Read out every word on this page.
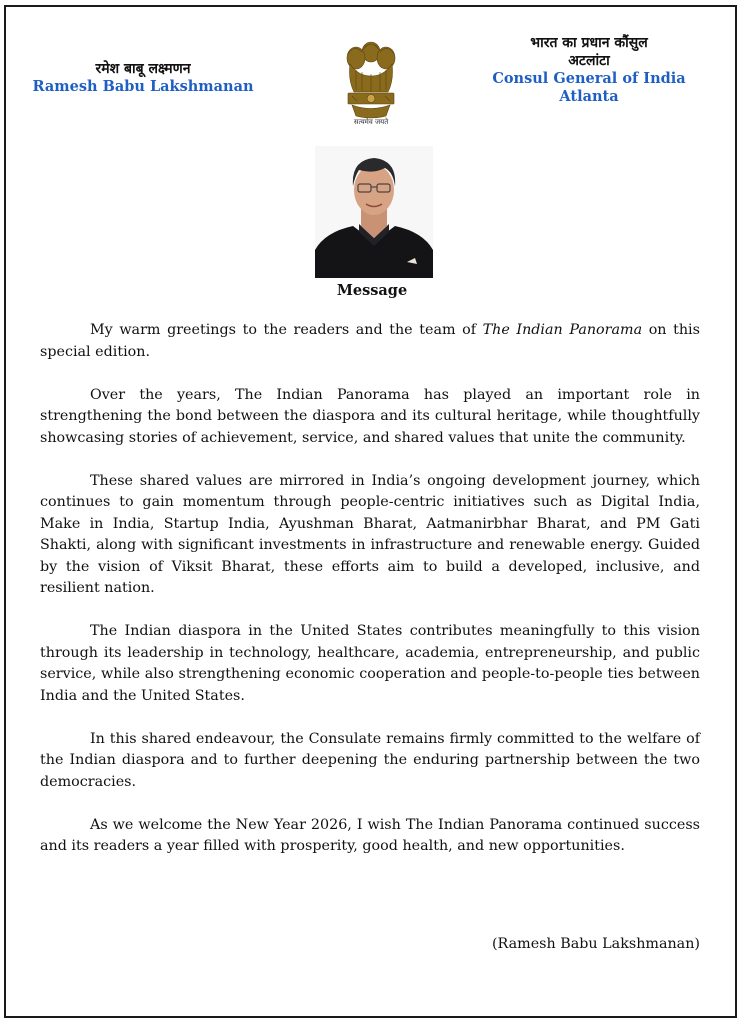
रमेश बाबू लक्ष्मणन
Ramesh Babu Lakshmanan
सत्यमेव जयते
भारत का प्रधान कौंसुल
अटलांटा
Consul General of India
Atlanta
Message

My warm greetings to the readers and the team of The Indian Panorama on this special edition.

Over the years, The Indian Panorama has played an important role in strengthening the bond between the diaspora and its cultural heritage, while thoughtfully showcasing stories of achievement, service, and shared values that unite the community.

These shared values are mirrored in India’s ongoing development journey, which continues to gain momentum through people-centric initiatives such as Digital India, Make in India, Startup India, Ayushman Bharat, Aatmanirbhar Bharat, and PM Gati Shakti, along with significant investments in infrastructure and renewable energy. Guided by the vision of Viksit Bharat, these efforts aim to build a developed, inclusive, and resilient nation.

The Indian diaspora in the United States contributes meaningfully to this vision through its leadership in technology, healthcare, academia, entrepreneurship, and public service, while also strengthening economic cooperation and people-to-people ties between India and the United States.

In this shared endeavour, the Consulate remains firmly committed to the welfare of the Indian diaspora and to further deepening the enduring partnership between the two democracies.

As we welcome the New Year 2026, I wish The Indian Panorama continued success and its readers a year filled with prosperity, good health, and new opportunities.

(Ramesh Babu Lakshmanan)
